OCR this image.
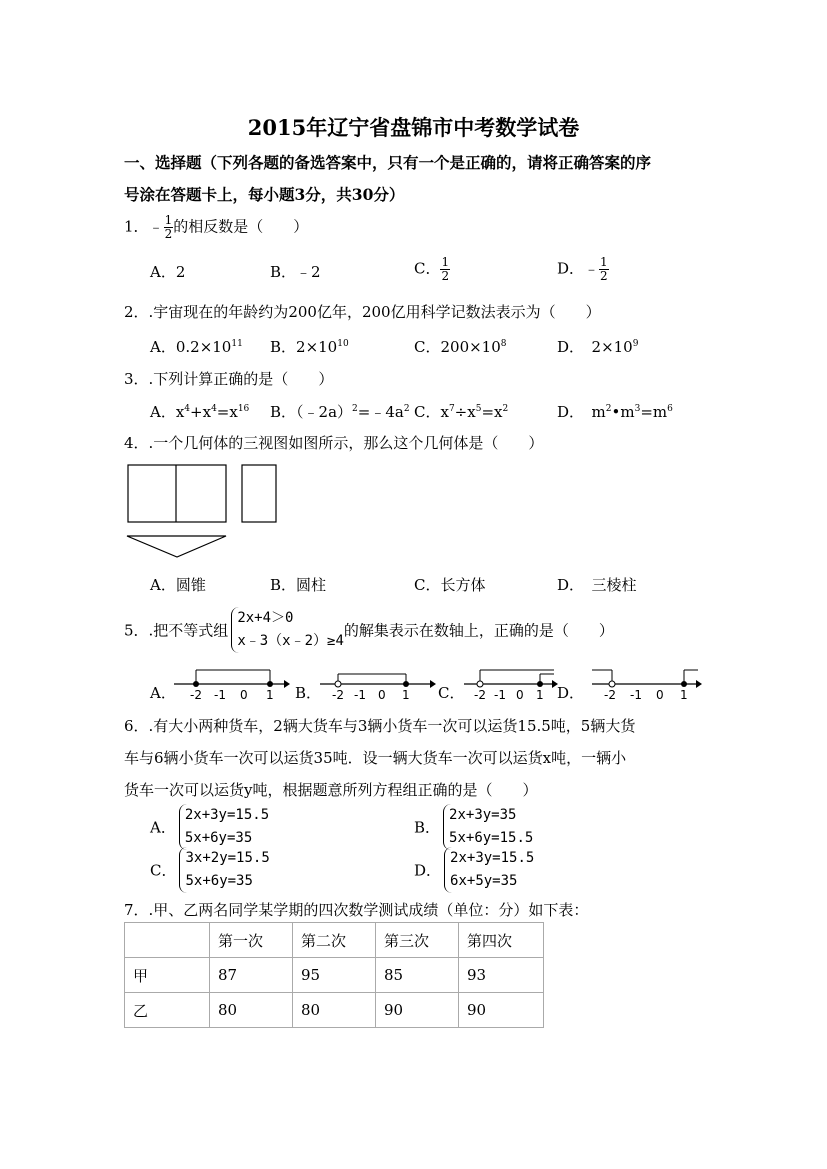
2015年辽宁省盘锦市中考数学试卷
一、选择题（下列各题的备选答案中，只有一个是正确的，请将正确答案的序
号涂在答题卡上，每小题3分，共30分）
1．﹣ $\frac{1}{2}$ 的相反数是（　　）
A．2	B．﹣2	C． $\frac{1}{2}$	D．﹣ $\frac{1}{2}$
2．.宇宙现在的年龄约为200亿年，200亿用科学记数法表示为（　　）
A．$0.2\times 10^{11}$ B．$2\times 10^{10}$	C．$200\times 10^8$	D．　$2\times 10^9$
3．.下列计算正确的是（　　）
A．$x^4+x^4=x^{16}$ B．$(﹣2a)^2=﹣4a^2$ C．$x^7\div x^5=x^2$	D．　$m^2•m^3=m^6$
4．.一个几何体的三视图如图所示，那么这个几何体是（　　）
A．圆锥	B．圆柱	C．长方体	D．　三棱柱
5．.把不等式组
2x+4＞0
x﹣3（x﹣2）≥4
的解集表示在数轴上，正确的是（　　）
A． -2 -1 0 1 B． -2 -1 0 1 C． -2 -1 0 1 D． -2 -1 0 1
6．.有大小两种货车，2辆大货车与3辆小货车一次可以运货15.5吨，5辆大货
车与6辆小货车一次可以运货35吨．设一辆大货车一次可以运货x吨，一辆小
货车一次可以运货y吨，根据题意所列方程组正确的是（　　）
A．
2x+3y=15.5
5x+6y=35
B．
2x+3y=35
5x+6y=15.5
C．
3x+2y=15.5
5x+6y=35
D．
2x+3y=15.5
6x+5y=35
7．.甲、乙两名同学某学期的四次数学测试成绩（单位：分）如下表：
	第一次	第二次	第三次	第四次
甲	87	95	85	93
乙	80	80	90	90
